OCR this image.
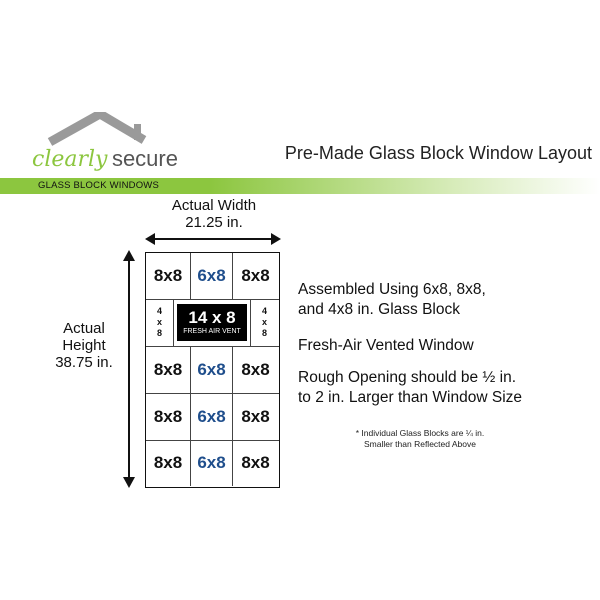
clearly secure	Pre-Made Glass Block Window Layout
GLASS BLOCK WINDOWS
Actual Width
21.25 in.
Actual
Height
38.75 in.
8x8 6x8 8x8
4
x
8
14 x 8
FRESH AIR VENT
4
x
8
8x8 6x8 8x8
8x8 6x8 8x8
8x8 6x8 8x8
Assembled Using 6x8, 8x8,
and 4x8 in. Glass Block
Fresh-Air Vented Window
Rough Opening should be ½ in.
to 2 in. Larger than Window Size
* Individual Glass Blocks are ¼ in.
Smaller than Reflected Above
